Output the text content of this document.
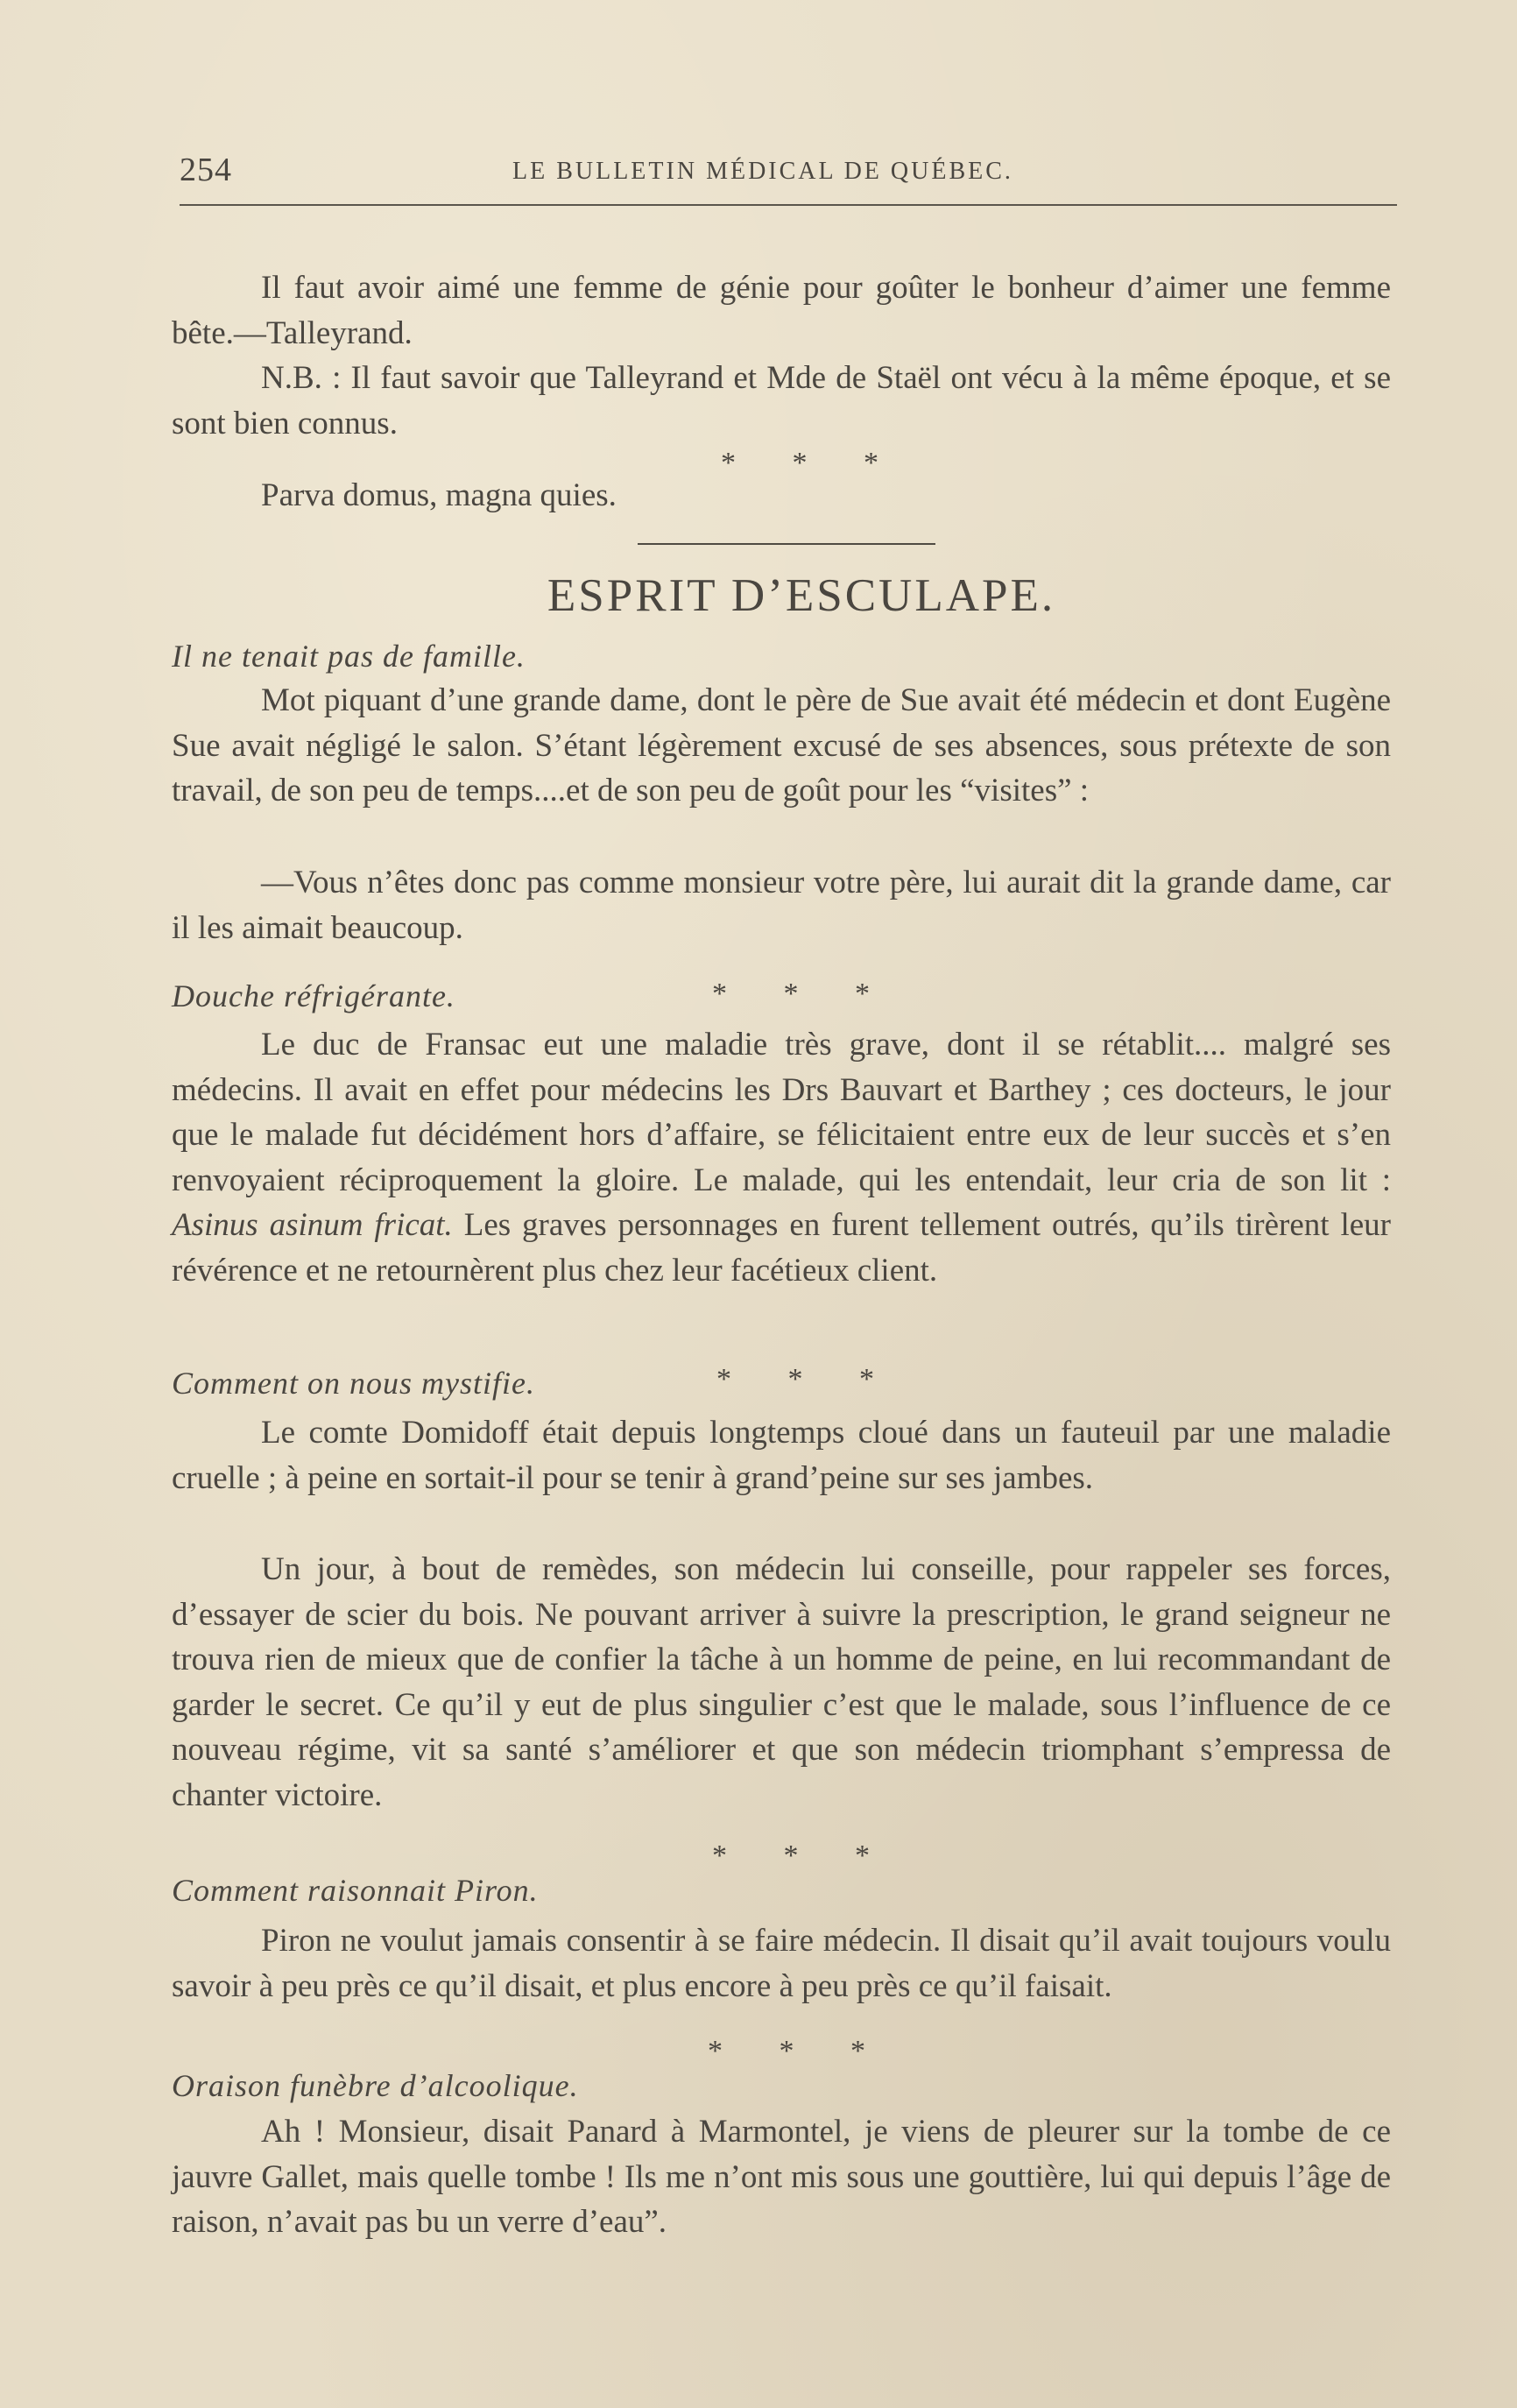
254	LE BULLETIN MÉDICAL DE QUÉBEC.

Il faut avoir aimé une femme de génie pour goûter le bonheur d’aimer une femme bête.—Talleyrand.

N.B. : Il faut savoir que Talleyrand et Mde de Staël ont vécu à la même époque, et se sont bien connus.

* * *

Parva domus, magna quies.

ESPRIT D’ESCULAPE.
Il ne tenait pas de famille.

Mot piquant d’une grande dame, dont le père de Sue avait été médecin et dont Eugène Sue avait négligé le salon. S’étant légèrement excusé de ses absences, sous prétexte de son travail, de son peu de temps....et de son peu de goût pour les “visites” :

—Vous n’êtes donc pas comme monsieur votre père, lui aurait dit la grande dame, car il les aimait beaucoup.

Douche réfrigérante.	* * *

Le duc de Fransac eut une maladie très grave, dont il se rétablit.... malgré ses médecins. Il avait en effet pour médecins les Drs Bauvart et Barthey ; ces docteurs, le jour que le malade fut décidément hors d’affaire, se félicitaient entre eux de leur succès et s’en renvoyaient réciproquement la gloire. Le malade, qui les entendait, leur cria de son lit : Asinus asinum fricat. Les graves personnages en furent tellement outrés, qu’ils tirèrent leur révérence et ne retournèrent plus chez leur facétieux client.

Comment on nous mystifie.	* * *

Le comte Domidoff était depuis longtemps cloué dans un fauteuil par une maladie cruelle ; à peine en sortait-il pour se tenir à grand’peine sur ses jambes.

Un jour, à bout de remèdes, son médecin lui conseille, pour rappeler ses forces, d’essayer de scier du bois. Ne pouvant arriver à suivre la prescription, le grand seigneur ne trouva rien de mieux que de confier la tâche à un homme de peine, en lui recommandant de garder le secret. Ce qu’il y eut de plus singulier c’est que le malade, sous l’influence de ce nouveau régime, vit sa santé s’améliorer et que son médecin triomphant s’empressa de chanter victoire.

* * *
Comment raisonnait Piron.

Piron ne voulut jamais consentir à se faire médecin. Il disait qu’il avait toujours voulu savoir à peu près ce qu’il disait, et plus encore à peu près ce qu’il faisait.

* * *
Oraison funèbre d’alcoolique.

Ah ! Monsieur, disait Panard à Marmontel, je viens de pleurer sur la tombe de ce jauvre Gallet, mais quelle tombe ! Ils me n’ont mis sous une gouttière, lui qui depuis l’âge de raison, n’avait pas bu un verre d’eau”.
